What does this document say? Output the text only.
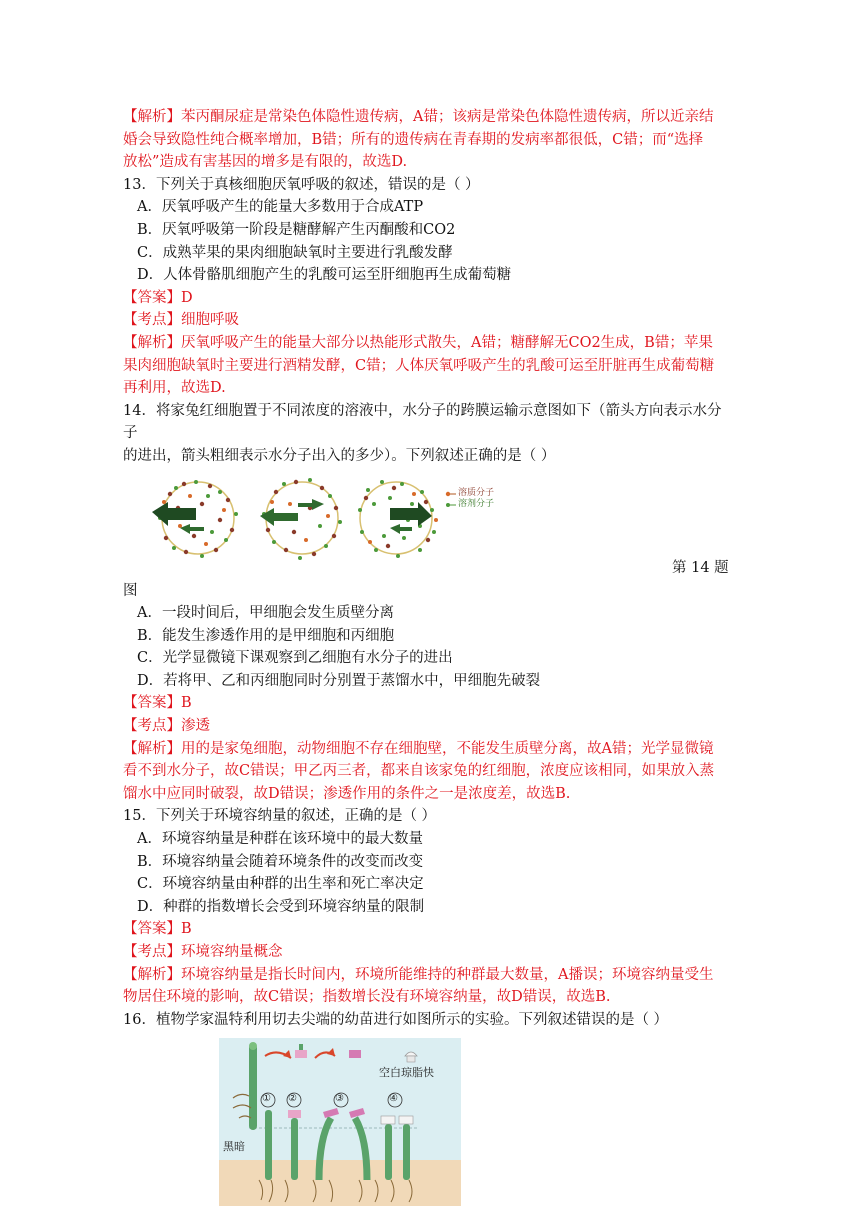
【解析】苯丙酮尿症是常染色体隐性遗传病，A错；该病是常染色体隐性遗传病，所以近亲结
婚会导致隐性纯合概率增加，B错；所有的遗传病在青春期的发病率都很低，C错；而“选择
放松”造成有害基因的增多是有限的，故选D.
13．下列关于真核细胞厌氧呼吸的叙述，错误的是（ ）
A．厌氧呼吸产生的能量大多数用于合成ATP
B．厌氧呼吸第一阶段是糖酵解产生丙酮酸和CO2
C．成熟苹果的果肉细胞缺氧时主要进行乳酸发酵
D．人体骨骼肌细胞产生的乳酸可运至肝细胞再生成葡萄糖
【答案】D
【考点】细胞呼吸
【解析】厌氧呼吸产生的能量大部分以热能形式散失，A错；糖酵解无CO2生成，B错；苹果
果肉细胞缺氧时主要进行酒精发酵，C错；人体厌氧呼吸产生的乳酸可运至肝脏再生成葡萄糖
再利用，故选D.
14．将家兔红细胞置于不同浓度的溶液中，水分子的跨膜运输示意图如下（箭头方向表示水分
子
的进出，箭头粗细表示水分子出入的多少）。下列叙述正确的是（ ）
溶质分子
溶剂分子
第 14 题
图
A．一段时间后，甲细胞会发生质壁分离
B．能发生渗透作用的是甲细胞和丙细胞
C．光学显微镜下课观察到乙细胞有水分子的进出
D．若将甲、乙和丙细胞同时分别置于蒸馏水中，甲细胞先破裂
【答案】B
【考点】渗透
【解析】用的是家兔细胞，动物细胞不存在细胞壁，不能发生质壁分离，故A错；光学显微镜
看不到水分子，故C错误；甲乙丙三者，都来自该家兔的红细胞，浓度应该相同，如果放入蒸
馏水中应同时破裂，故D错误；渗透作用的条件之一是浓度差，故选B.
15．下列关于环境容纳量的叙述，正确的是（ ）
A．环境容纳量是种群在该环境中的最大数量
B．环境容纳量会随着环境条件的改变而改变
C．环境容纳量由种群的出生率和死亡率决定
D．种群的指数增长会受到环境容纳量的限制
【答案】B
【考点】环境容纳量概念
【解析】环境容纳量是指长时间内，环境所能维持的种群最大数量，A播误；环境容纳量受生
物居住环境的影响，故C错误；指数增长没有环境容纳量，故D错误，故选B.
16．植物学家温特利用切去尖端的幼苗进行如图所示的实验。下列叙述错误的是（ ）
空白琼脂快
黑暗
① ②	③	④
